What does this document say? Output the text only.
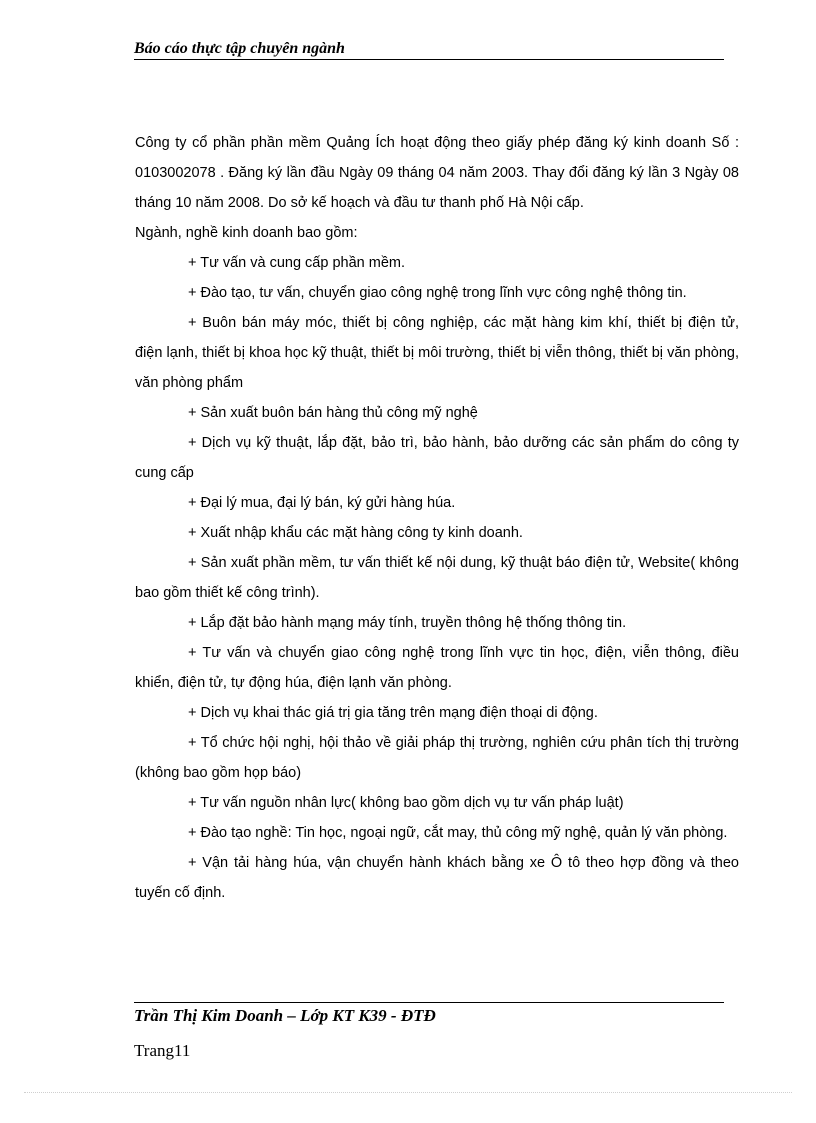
Báo cáo thực tập chuyên ngành

Công ty cổ phần phần mềm Quảng Ích hoạt động theo giấy phép đăng ký kinh doanh Số : 0103002078 . Đăng ký lần đầu Ngày 09 tháng 04 năm 2003. Thay đổi đăng ký lần 3 Ngày 08 tháng 10 năm 2008. Do sở kế hoạch và đầu tư thanh phố Hà Nội cấp.

Ngành, nghề kinh doanh bao gồm:

+ Tư vấn và cung cấp phần mềm.

+ Đào tạo, tư vấn, chuyển giao công nghệ trong lĩnh vực công nghệ thông tin.

+ Buôn bán máy móc, thiết bị công nghiệp, các mặt hàng kim khí, thiết bị điện tử, điện lạnh, thiết bị khoa học kỹ thuật, thiết bị môi trường, thiết bị viễn thông, thiết bị văn phòng, văn phòng phẩm

+ Sản xuất buôn bán hàng thủ công mỹ nghệ

+ Dịch vụ kỹ thuật, lắp đặt, bảo trì, bảo hành, bảo dưỡng các sản phẩm do công ty cung cấp

+ Đại lý mua, đại lý bán, ký gửi hàng húa.

+ Xuất nhập khẩu các mặt hàng công ty kinh doanh.

+ Sản xuất phần mềm, tư vấn thiết kế nội dung, kỹ thuật báo điện tử, Website( không bao gồm thiết kế công trình).

+ Lắp đặt bảo hành mạng máy tính, truyền thông hệ thống thông tin.

+ Tư vấn và chuyển giao công nghệ trong lĩnh vực tin học, điện, viễn thông, điều khiển, điện tử, tự động húa, điện lạnh văn phòng.

+ Dịch vụ khai thác giá trị gia tăng trên mạng điện thoại di động.

+ Tổ chức hội nghị, hội thảo về giải pháp thị trường, nghiên cứu phân tích thị trường (không bao gồm họp báo)

+ Tư vấn nguồn nhân lực( không bao gồm dịch vụ tư vấn pháp luật)

+ Đào tạo nghề: Tin học, ngoại ngữ, cắt may, thủ công mỹ nghệ, quản lý văn phòng.

+ Vận tải hàng húa, vận chuyển hành khách bằng xe Ô tô theo hợp đồng và theo tuyến cố định.

Trần Thị Kim Doanh – Lớp KT K39 - ĐTĐ
Trang11
